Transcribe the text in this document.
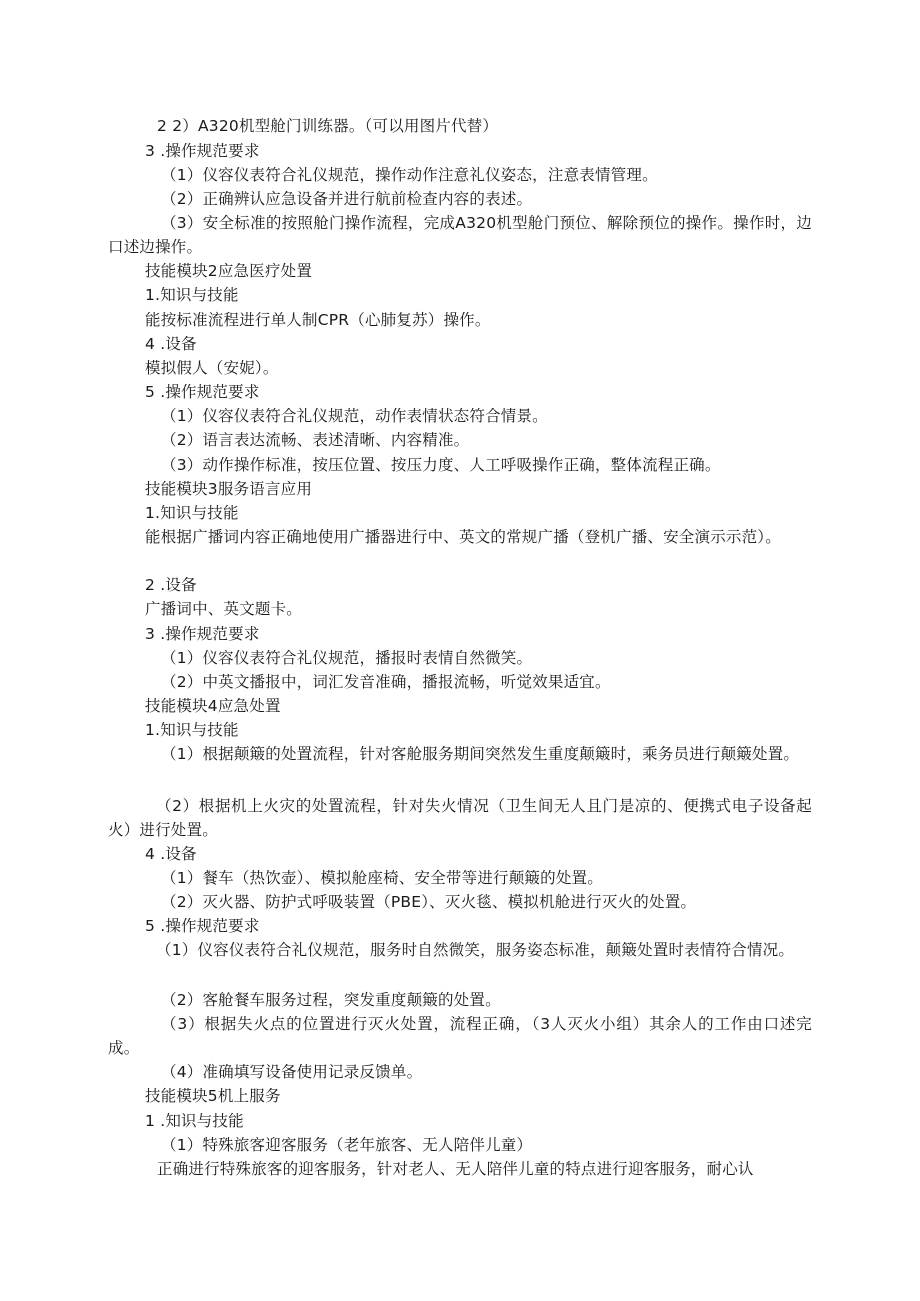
2 2）A320机型舱门训练器。（可以用图片代替）
3 .操作规范要求
（1）仪容仪表符合礼仪规范，操作动作注意礼仪姿态，注意表情管理。
（2）正确辨认应急设备并进行航前检查内容的表述。
（3）安全标准的按照舱门操作流程，完成A320机型舱门预位、解除预位的操作。操作时，边口述边操作。
技能模块2应急医疗处置
1.知识与技能
能按标准流程进行单人制CPR（心肺复苏）操作。
4 .设备
模拟假人（安妮）。
5 .操作规范要求
（1）仪容仪表符合礼仪规范，动作表情状态符合情景。
（2）语言表达流畅、表述清晰、内容精准。
（3）动作操作标准，按压位置、按压力度、人工呼吸操作正确，整体流程正确。
技能模块3服务语言应用
1.知识与技能
能根据广播词内容正确地使用广播器进行中、英文的常规广播（登机广播、安全演示示范）。
2 .设备
广播词中、英文题卡。
3 .操作规范要求
（1）仪容仪表符合礼仪规范，播报时表情自然微笑。
（2）中英文播报中，词汇发音准确，播报流畅，听觉效果适宜。
技能模块4应急处置
1.知识与技能
（1）根据颠簸的处置流程，针对客舱服务期间突然发生重度颠簸时，乘务员进行颠簸处置。
（2）根据机上火灾的处置流程，针对失火情况（卫生间无人且门是凉的、便携式电子设备起火）进行处置。
4 .设备
（1）餐车（热饮壶）、模拟舱座椅、安全带等进行颠簸的处置。
（2）灭火器、防护式呼吸装置（PBE）、灭火毯、模拟机舱进行灭火的处置。
5 .操作规范要求
（1）仪容仪表符合礼仪规范，服务时自然微笑，服务姿态标准，颠簸处置时表情符合情况。
（2）客舱餐车服务过程，突发重度颠簸的处置。
（3）根据失火点的位置进行灭火处置，流程正确，（3人灭火小组）其余人的工作由口述完成。
（4）准确填写设备使用记录反馈单。
技能模块5机上服务
1 .知识与技能
（1）特殊旅客迎客服务（老年旅客、无人陪伴儿童）
正确进行特殊旅客的迎客服务，针对老人、无人陪伴儿童的特点进行迎客服务，耐心认
